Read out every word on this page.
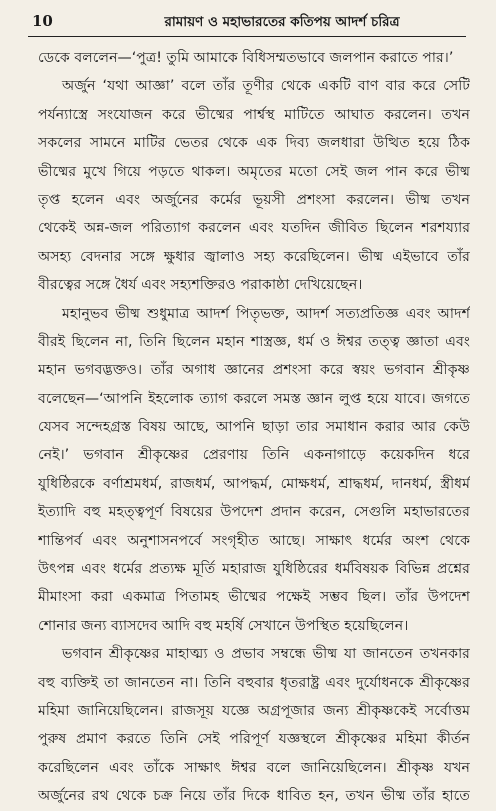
10	রামায়ণ ও মহাভারতের কতিপয় আদর্শ চরিত্র
ডেকে বললেন—‘পুত্র! তুমি আমাকে বিধিসম্মতভাবে জলপান করাতে পার।’
অর্জুন ‘যথা আজ্ঞা’ বলে তাঁর তূণীর থেকে একটি বাণ বার করে সেটি
পর্যন্যাস্ত্রে সংযোজন করে ভীষ্মের পার্শ্বস্থ মাটিতে আঘাত করলেন। তখন
সকলের সামনে মাটির ভেতর থেকে এক দিব্য জলধারা উত্থিত হয়ে ঠিক
ভীষ্মের মুখে গিয়ে পড়তে থাকল। অমৃতের মতো সেই জল পান করে ভীষ্ম
তৃপ্ত হলেন এবং অর্জুনের কর্মের ভূয়সী প্রশংসা করলেন। ভীষ্ম তখন
থেকেই অন্ন-জল পরিত্যাগ করলেন এবং যতদিন জীবিত ছিলেন শরশয্যার
অসহ্য বেদনার সঙ্গে ক্ষুধার জ্বালাও সহ্য করেছিলেন। ভীষ্ম এইভাবে তাঁর
বীরত্বের সঙ্গে ধৈর্য এবং সহ্যশক্তিরও পরাকাষ্ঠা দেখিয়েছেন।
মহানুভব ভীষ্ম শুধুমাত্র আদর্শ পিতৃভক্ত, আদর্শ সত্যপ্রতিজ্ঞ এবং আদর্শ
বীরই ছিলেন না, তিনি ছিলেন মহান শাস্ত্রজ্ঞ, ধর্ম ও ঈশ্বর তত্ত্ব জ্ঞাতা এবং
মহান ভগবদ্ভক্তও। তাঁর অগাধ জ্ঞানের প্রশংসা করে স্বয়ং ভগবান শ্রীকৃষ্ণ
বলেছেন—‘আপনি ইহলোক ত্যাগ করলে সমস্ত জ্ঞান লুপ্ত হয়ে যাবে। জগতে
যেসব সন্দেহগ্রস্ত বিষয় আছে, আপনি ছাড়া তার সমাধান করার আর কেউ
নেই।’ ভগবান শ্রীকৃষ্ণের প্রেরণায় তিনি একনাগাড়ে কয়েকদিন ধরে
যুধিষ্ঠিরকে বর্ণাশ্রমধর্ম, রাজধর্ম, আপদ্ধর্ম, মোক্ষধর্ম, শ্রাদ্ধধর্ম, দানধর্ম, স্ত্রীধর্ম
ইত্যাদি বহু মহত্ত্বপূর্ণ বিষয়ের উপদেশ প্রদান করেন, সেগুলি মহাভারতের
শান্তিপর্ব এবং অনুশাসনপর্বে সংগৃহীত আছে। সাক্ষাৎ ধর্মের অংশ থেকে
উৎপন্ন এবং ধর্মের প্রত্যক্ষ মূর্তি মহারাজ যুধিষ্ঠিরের ধর্মবিষয়ক বিভিন্ন প্রশ্নের
মীমাংসা করা একমাত্র পিতামহ ভীষ্মের পক্ষেই সম্ভব ছিল। তাঁর উপদেশ
শোনার জন্য ব্যাসদেব আদি বহু মহর্ষি সেখানে উপস্থিত হয়েছিলেন।
ভগবান শ্রীকৃষ্ণের মাহাত্ম্য ও প্রভাব সম্বন্ধে ভীষ্ম যা জানতেন তখনকার
বহু ব্যক্তিই তা জানতেন না। তিনি বহুবার ধৃতরাষ্ট্র এবং দুর্যোধনকে শ্রীকৃষ্ণের
মহিমা জানিয়েছিলেন। রাজসূয় যজ্ঞে অগ্রপূজার জন্য শ্রীকৃষ্ণকেই সর্বোত্তম
পুরুষ প্রমাণ করতে তিনি সেই পরিপূর্ণ যজ্ঞস্থলে শ্রীকৃষ্ণের মহিমা কীর্তন
করেছিলেন এবং তাঁকে সাক্ষাৎ ঈশ্বর বলে জানিয়েছিলেন। শ্রীকৃষ্ণ যখন
অর্জুনের রথ থেকে চক্র নিয়ে তাঁর দিকে ধাবিত হন, তখন ভীষ্ম তাঁর হাতে
